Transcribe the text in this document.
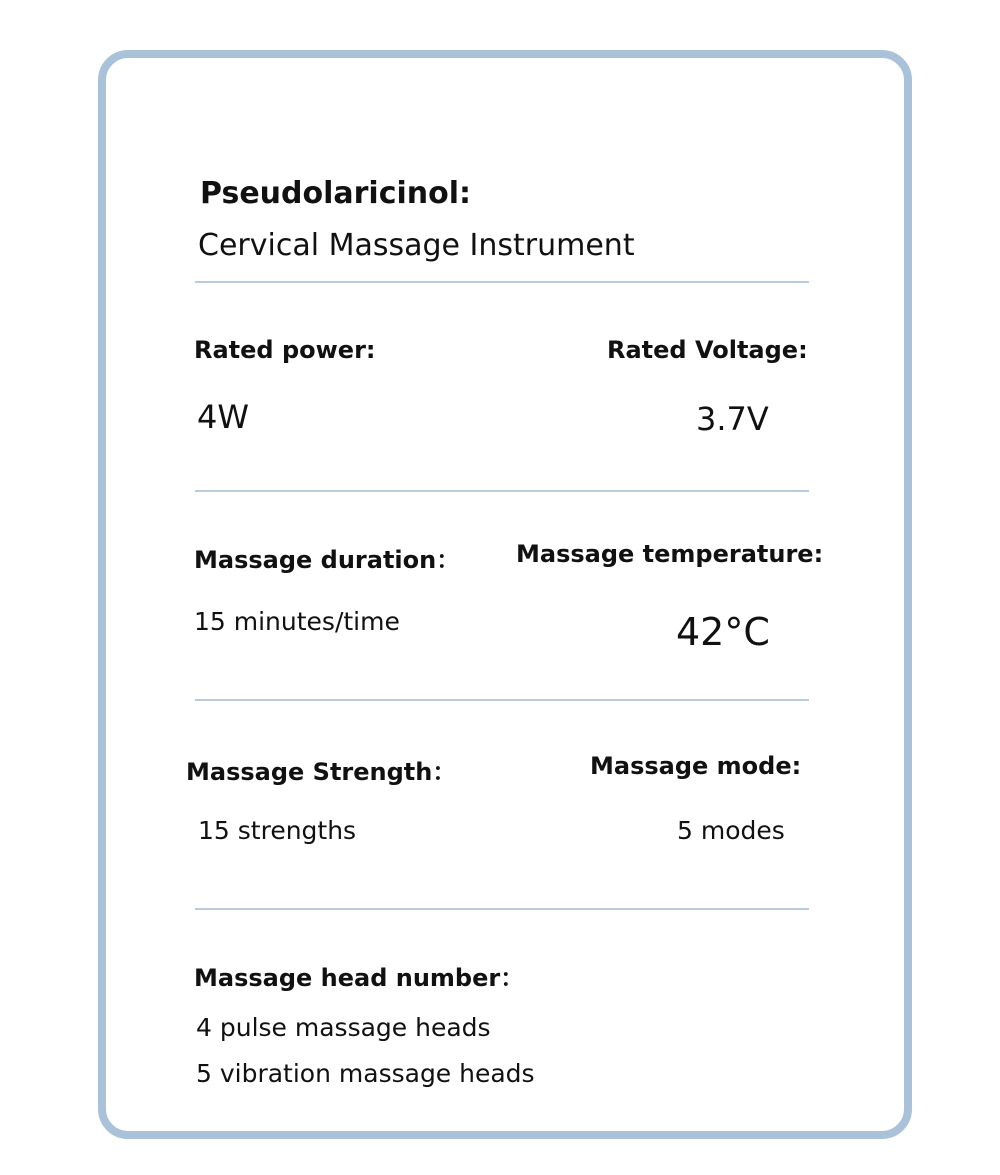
Pseudolaricinol:
Cervical Massage Instrument
Rated power:	Rated Voltage:
4W	3.7V
Massage duration： Massage temperature:
15 minutes/time	42°C
Massage Strength：	Massage mode:
15 strengths	5 modes
Massage head number：
4 pulse massage heads
5 vibration massage heads
